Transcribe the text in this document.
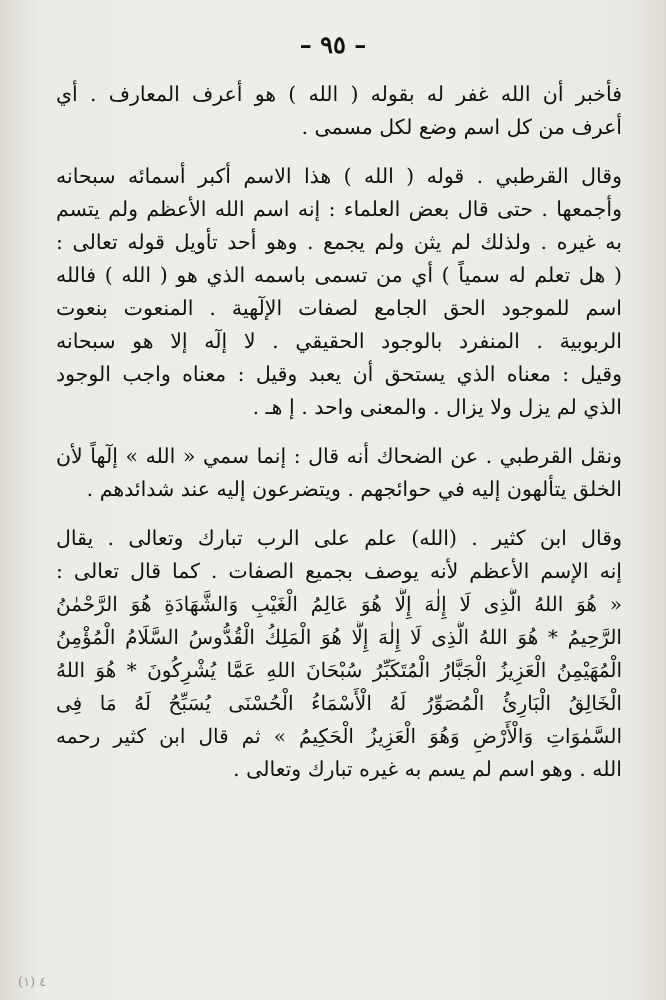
– ٩٥ –

فأخبر أن الله غفر له بقوله ( الله ) هو أعرف المعارف . أي
أعرف من كل اسم وضع لكل مسمى .

وقال القرطبي . قوله ( الله ) هذا الاسم أكبر أسمائه سبحانه
وأجمعها . حتى قال بعض العلماء : إنه اسم الله الأعظم ولم يتسم
به غيره . ولذلك لم يثن ولم يجمع . وهو أحد تأويل قوله تعالى :
( هل تعلم له سمياً ) أي من تسمى باسمه الذي هو ( الله ) فالله
اسم للموجود الحق الجامع لصفات الإلٓهية . المنعوت بنعوت
الربوبية . المنفرد بالوجود الحقيقي . لا إلٓه إلا هو سبحانه
وقيل : معناه الذي يستحق أن يعبد وقيل : معناه واجب الوجود
الذي لم يزل ولا يزال . والمعنى واحد . إ هـ .

ونقل القرطبي . عن الضحاك أنه قال : إنما سمي « الله » إلٓهاً لأن
الخلق يتألهون إليه في حوائجهم . ويتضرعون إليه عند شدائدهم .

وقال ابن كثير . (الله) علم على الرب تبارك وتعالى . يقال
إنه الإسم الأعظم لأنه يوصف بجميع الصفات . كما قال تعالى :
« هُوَ اللهُ الَّذِى لَا إِلٰهَ إِلَّا هُوَ عَالِمُ الْغَيْبِ وَالشَّهَادَةِ هُوَ الرَّحْمٰنُ
الرَّحِيمُ * هُوَ اللهُ الَّذِى لَا إِلٰهَ إِلَّا هُوَ الْمَلِكُ الْقُدُّوسُ السَّلَامُ الْمُؤْمِنُ
الْمُهَيْمِنُ الْعَزِيزُ الْجَبَّارُ الْمُتَكَبِّرُ سُبْحَانَ اللهِ عَمَّا يُشْرِكُونَ * هُوَ اللهُ
الْخَالِقُ الْبَارِئُ الْمُصَوِّرُ لَهُ الْأَسْمَاءُ الْحُسْنَى يُسَبِّحُ لَهُ مَا فِى
السَّمٰوَاتِ وَالْأَرْضِ وَهُوَ الْعَزِيزُ الْحَكِيمُ » ثم قال ابن كثير رحمه
الله . وهو اسم لم يسم به غيره تبارك وتعالى .

٤ (١)
